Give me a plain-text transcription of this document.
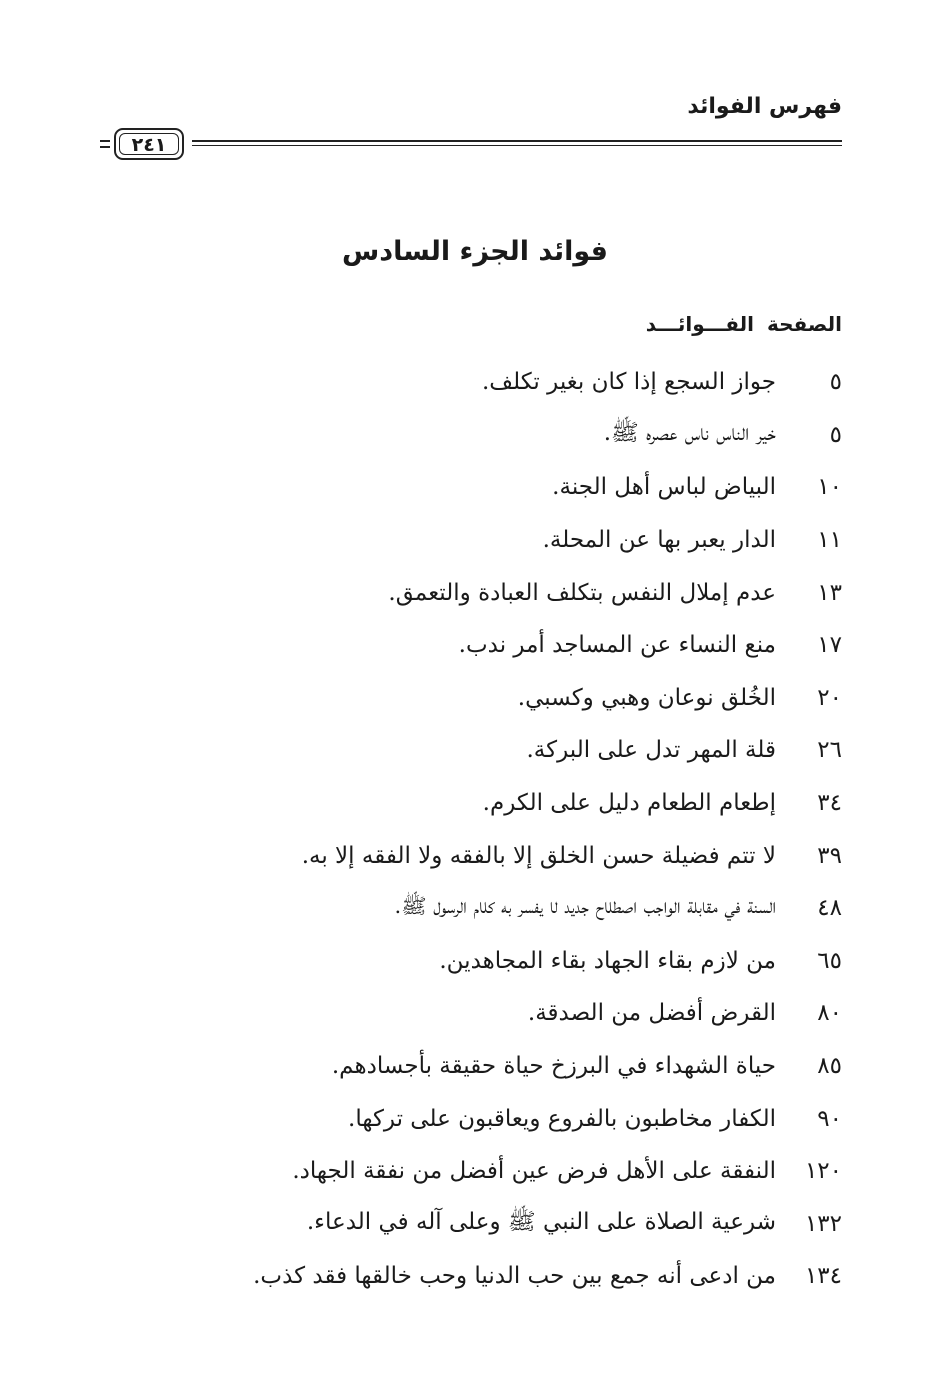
فهرس الفوائد
٢٤١
فوائد الجزء السادس
الصفحة الفـــوائـــد
٥
جواز السجع إذا كان بغير تكلف.
٥
خير الناس ناس عصره ﷺ.
١٠
البياض لباس أهل الجنة.
١١
الدار يعبر بها عن المحلة.
١٣
عدم إملال النفس بتكلف العبادة والتعمق.
١٧
منع النساء عن المساجد أمر ندب.
٢٠
الخُلق نوعان وهبي وكسبي.
٢٦
قلة المهر تدل على البركة.
٣٤
إطعام الطعام دليل على الكرم.
٣٩
لا تتم فضيلة حسن الخلق إلا بالفقه ولا الفقه إلا به.
٤٨
السنة في مقابلة الواجب اصطلاح جديد لا يفسر به كلام الرسول ﷺ.
٦٥
من لازم بقاء الجهاد بقاء المجاهدين.
٨٠
القرض أفضل من الصدقة.
٨٥
حياة الشهداء في البرزخ حياة حقيقة بأجسادهم.
٩٠
الكفار مخاطبون بالفروع ويعاقبون على تركها.
١٢٠
النفقة على الأهل فرض عين أفضل من نفقة الجهاد.
١٣٢
شرعية الصلاة على النبي ﷺ وعلى آله في الدعاء.
١٣٤
من ادعى أنه جمع بين حب الدنيا وحب خالقها فقد كذب.
